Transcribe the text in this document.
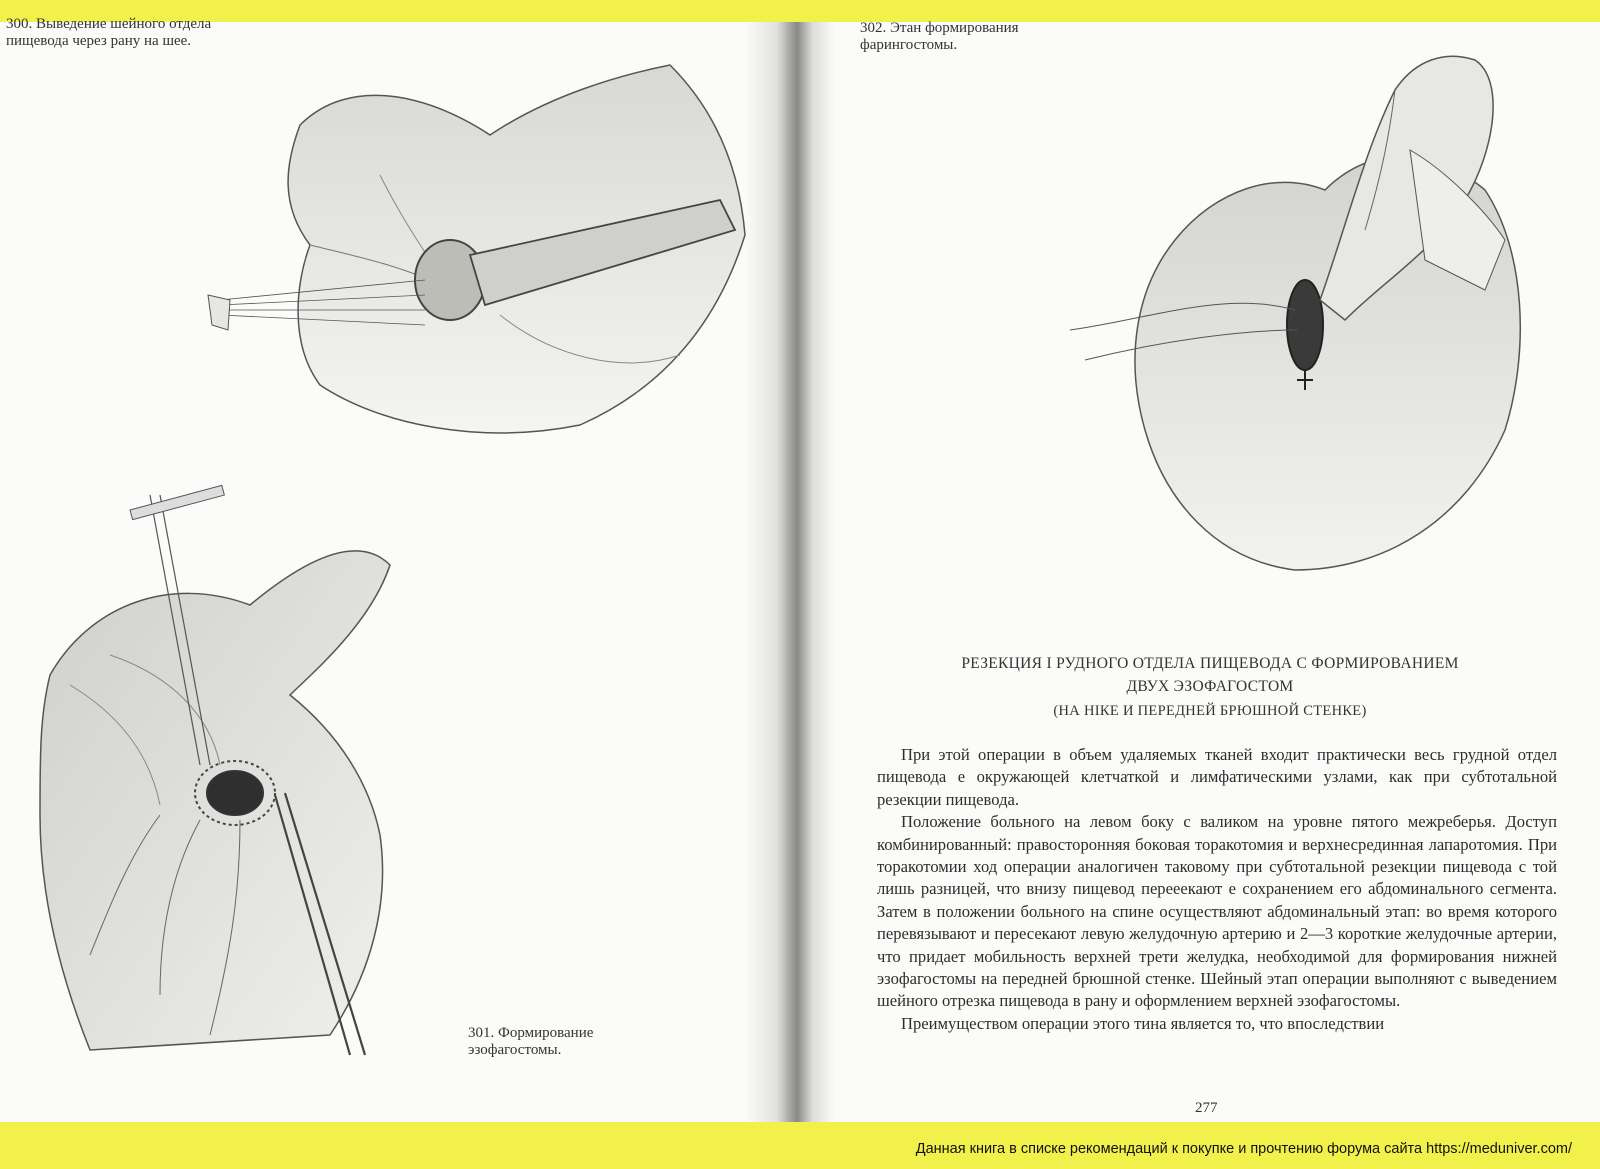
300. Выведение шейного отдела пищевода через рану на шее.
301. Формирование эзофагостомы.
302. Этан формирования фарингостомы.
РЕЗЕКЦИЯ I РУДНОГО ОТДЕЛА ПИЩЕВОДА С ФОРМИРОВАНИЕМ
ДВУХ ЭЗОФАГОСТОМ
(НА НIКЕ И ПЕРЕДНЕЙ БРЮШНОЙ СТЕНКЕ)

При этой операции в объем удаляемых тканей входит практически весь грудной отдел пищевода е окружающей клетчаткой и лимфатическими узлами, как при субтотальной резекции пищевода.

Положение больного на левом боку с валиком на уровне пятого межреберья. Доступ комбинированный: правосторонняя боковая торакотомия и верхнесрединная лапаротомия. При торакотомии ход операции аналогичен таковому при субтотальной резекции пищевода с той лишь разницей, что внизу пищевод перееекают е сохранением его абдоминального сегмента. Затем в положении больного на спине осуществляют абдоминальный этап: во время которого перевязывают и пересекают левую желудочную артерию и 2—3 короткие желудочные артерии, что придает мобильность верхней трети желудка, необходимой для формирования нижней эзофагостомы на передней брюшной стенке. Шейный этап операции выполняют с выведением шейного отрезка пищевода в рану и оформлением верхней эзофагостомы.

Преимуществом операции этого тина является то, что впоследствии

277
Данная книга в списке рекомендаций к покупке и прочтению форума сайта https://meduniver.com/
